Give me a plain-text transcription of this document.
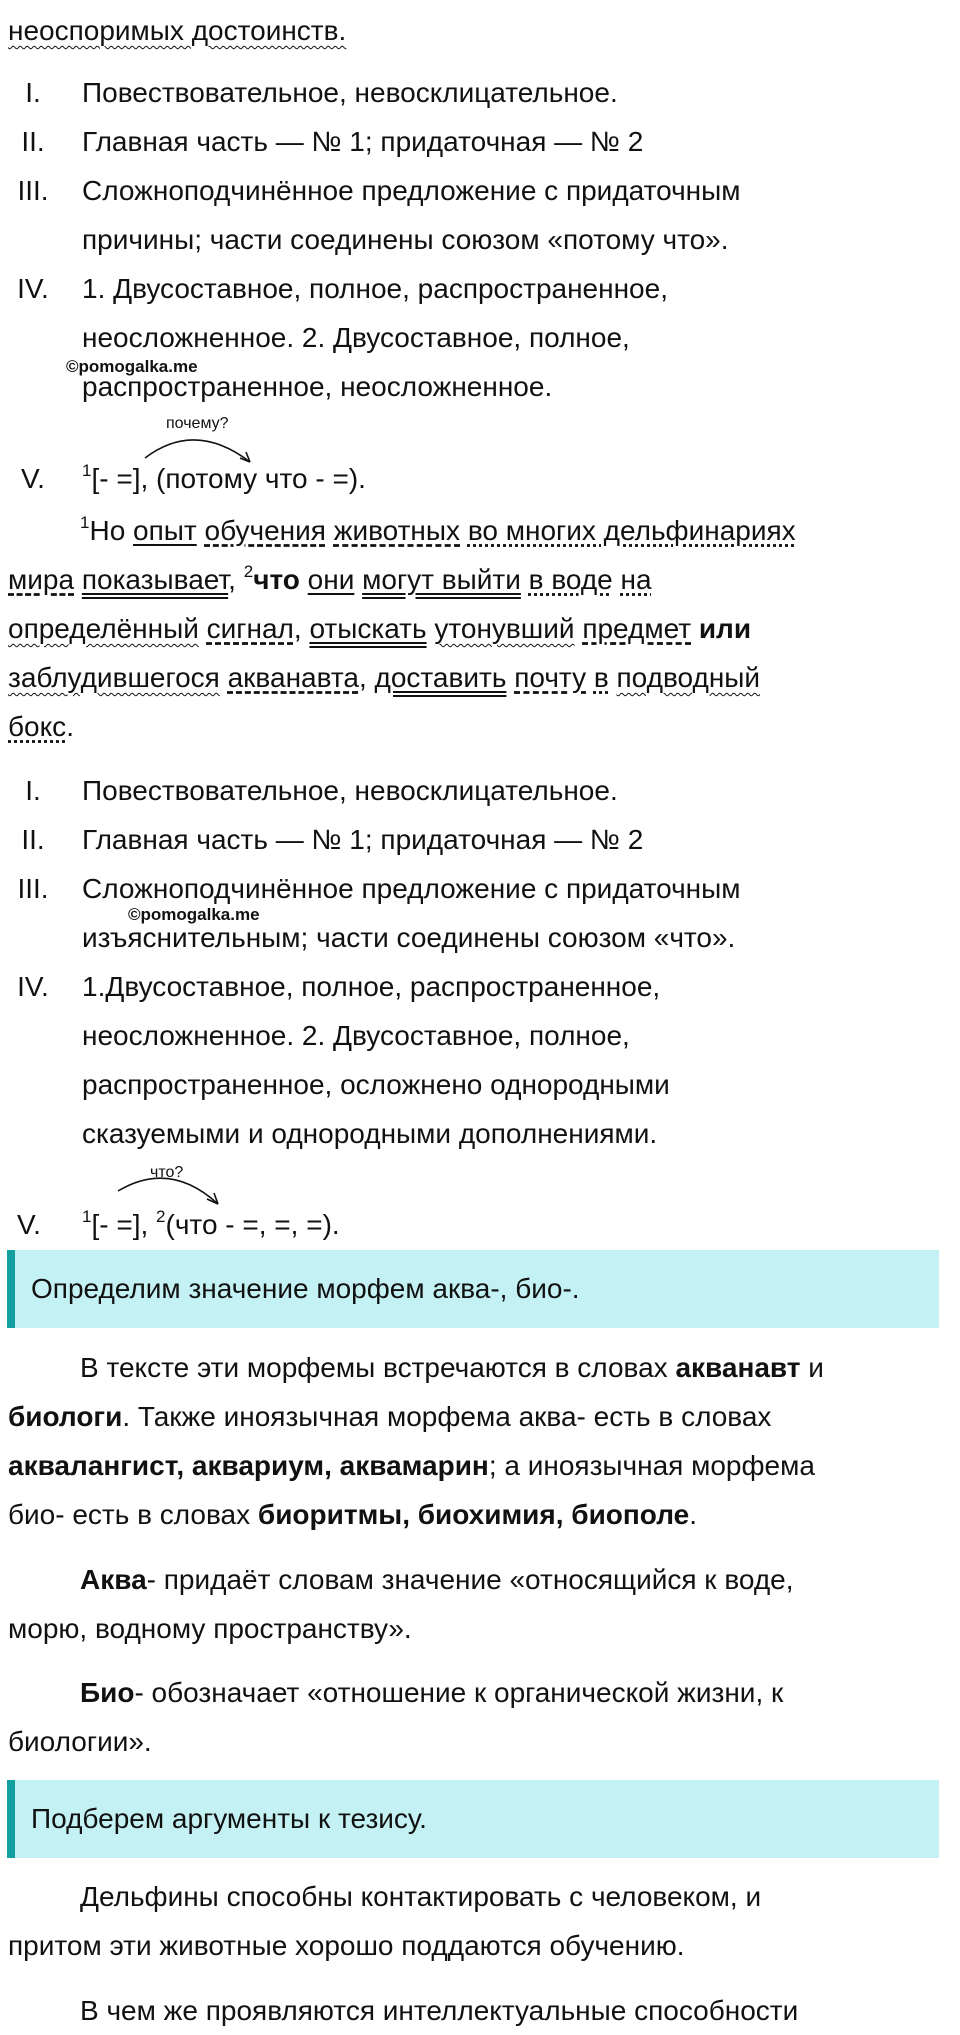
неоспоримых достоинств.
I.	Повествовательное, невосклицательное.
II.	Главная часть — № 1; придаточная — № 2
III.	Сложноподчинённое предложение с придаточным
причины; части соединены союзом «потому что».
IV.	1. Двусоставное, полное, распространенное,
неосложненное. 2. Двусоставное, полное,
©pomogalka.me
распространенное, неосложненное.
почему?
V.	$^1$[- =], (потому что - =).
$^1$Но опыт обучения животных во многих дельфинариях
мира показывает, $^2$что они могут выйти в воде на
определённый сигнал, отыскать утонувший предмет или
заблудившегося акванавта, доставить почту в подводный
бокс.
I.	Повествовательное, невосклицательное.
II.	Главная часть — № 1; придаточная — № 2
III.	Сложноподчинённое предложение с придаточным
©pomogalka.me
изъяснительным; части соединены союзом «что».
IV.	1.Двусоставное, полное, распространенное,
неосложненное. 2. Двусоставное, полное,
распространенное, осложнено однородными
сказуемыми и однородными дополнениями.
что?
V.	$^1$[- =], $^2$(что - =, =, =).
Определим значение морфем аква-, био-.
В тексте эти морфемы встречаются в словах акванавт и
биологи. Также иноязычная морфема аква- есть в словах
аквалангист, аквариум, аквамарин; а иноязычная морфема
био- есть в словах биоритмы, биохимия, биополе.
Аква- придаёт словам значение «относящийся к воде,
морю, водному пространству».
Био- обозначает «отношение к органической жизни, к
биологии».
Подберем аргументы к тезису.
Дельфины способны контактировать с человеком, и
притом эти животные хорошо поддаются обучению.
В чем же проявляются интеллектуальные способности
